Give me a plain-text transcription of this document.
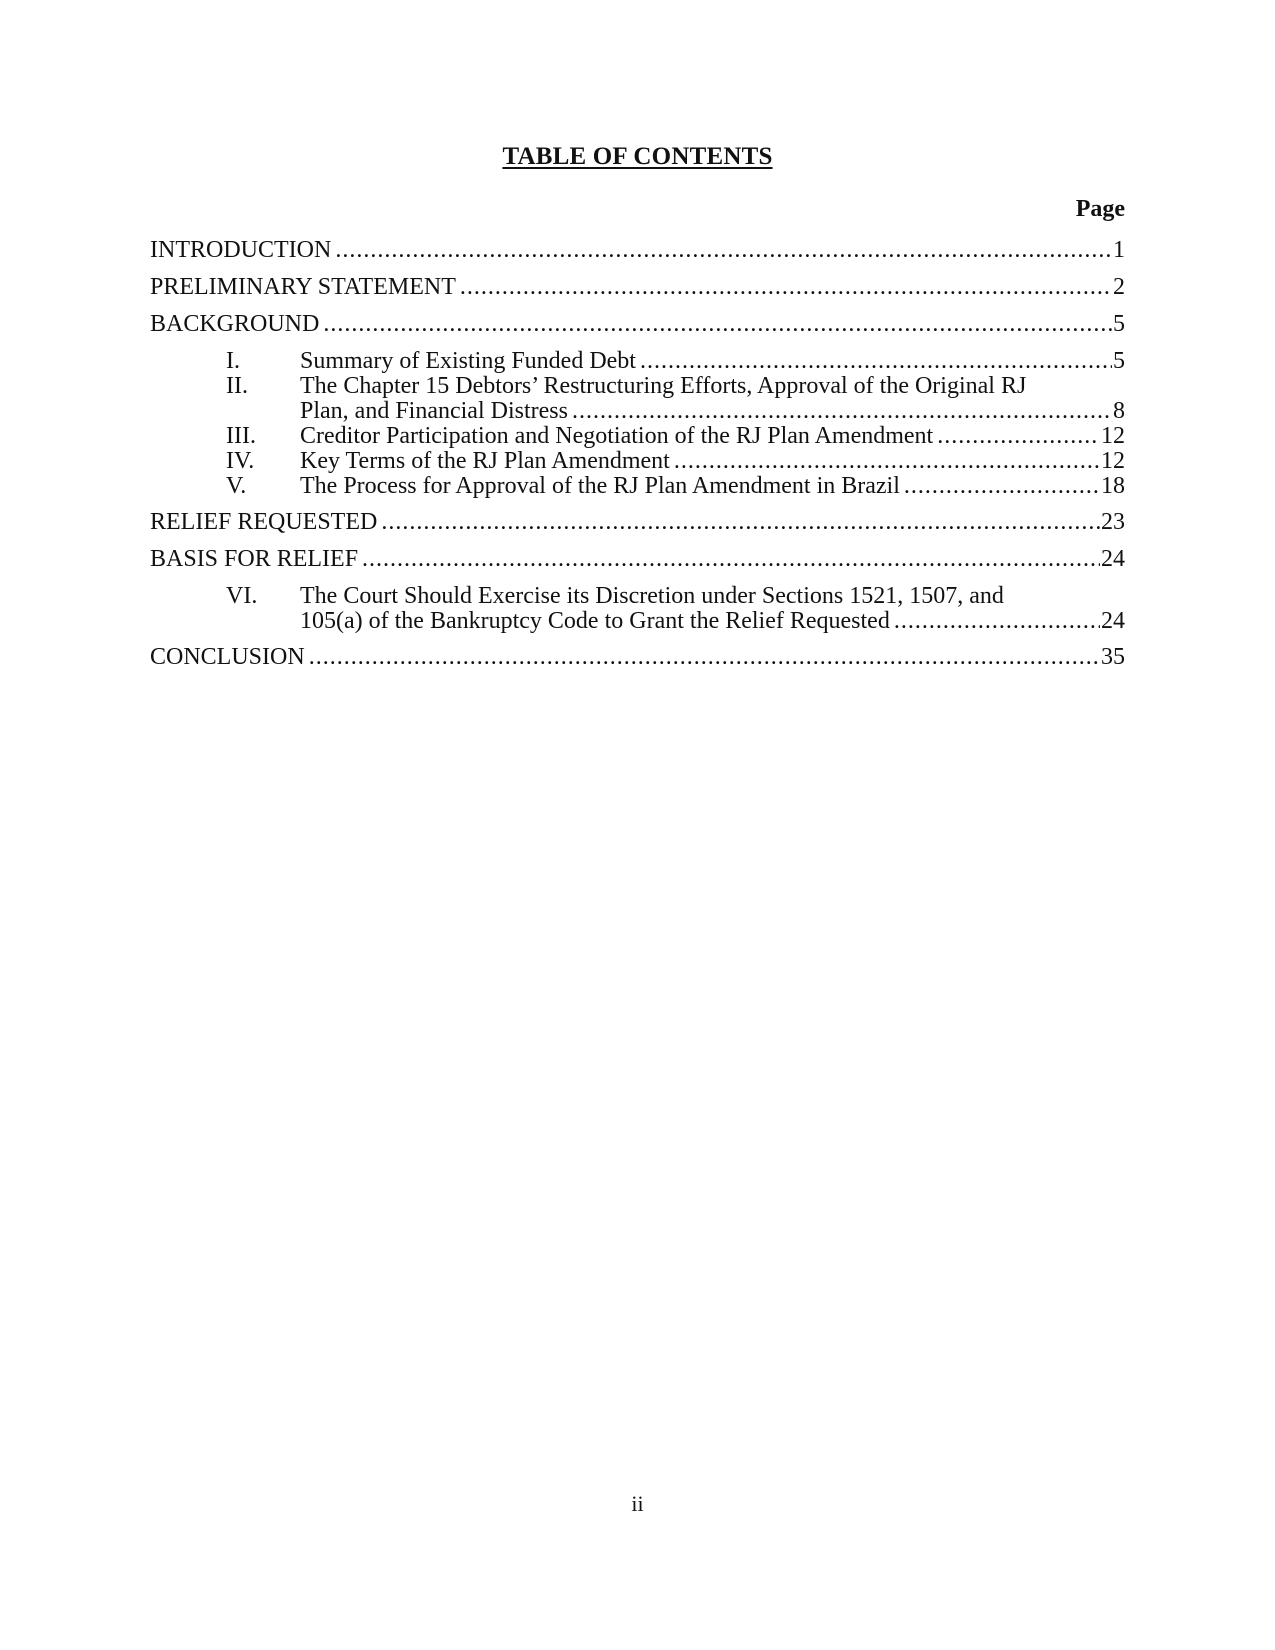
TABLE OF CONTENTS
Page
INTRODUCTION .....	1
PRELIMINARY STATEMENT .....	2
BACKGROUND .....	5
I.	Summary of Existing Funded Debt .....	5
II.	The Chapter 15 Debtors’ Restructuring Efforts, Approval of the Original RJ
Plan, and Financial Distress .....	8
III.	Creditor Participation and Negotiation of the RJ Plan Amendment .....	12
IV.	Key Terms of the RJ Plan Amendment .....	12
V.	The Process for Approval of the RJ Plan Amendment in Brazil .....	18
RELIEF REQUESTED .....	23
BASIS FOR RELIEF .....	24
VI.	The Court Should Exercise its Discretion under Sections 1521, 1507, and
105(a) of the Bankruptcy Code to Grant the Relief Requested .....	24
CONCLUSION .....	35
ii
